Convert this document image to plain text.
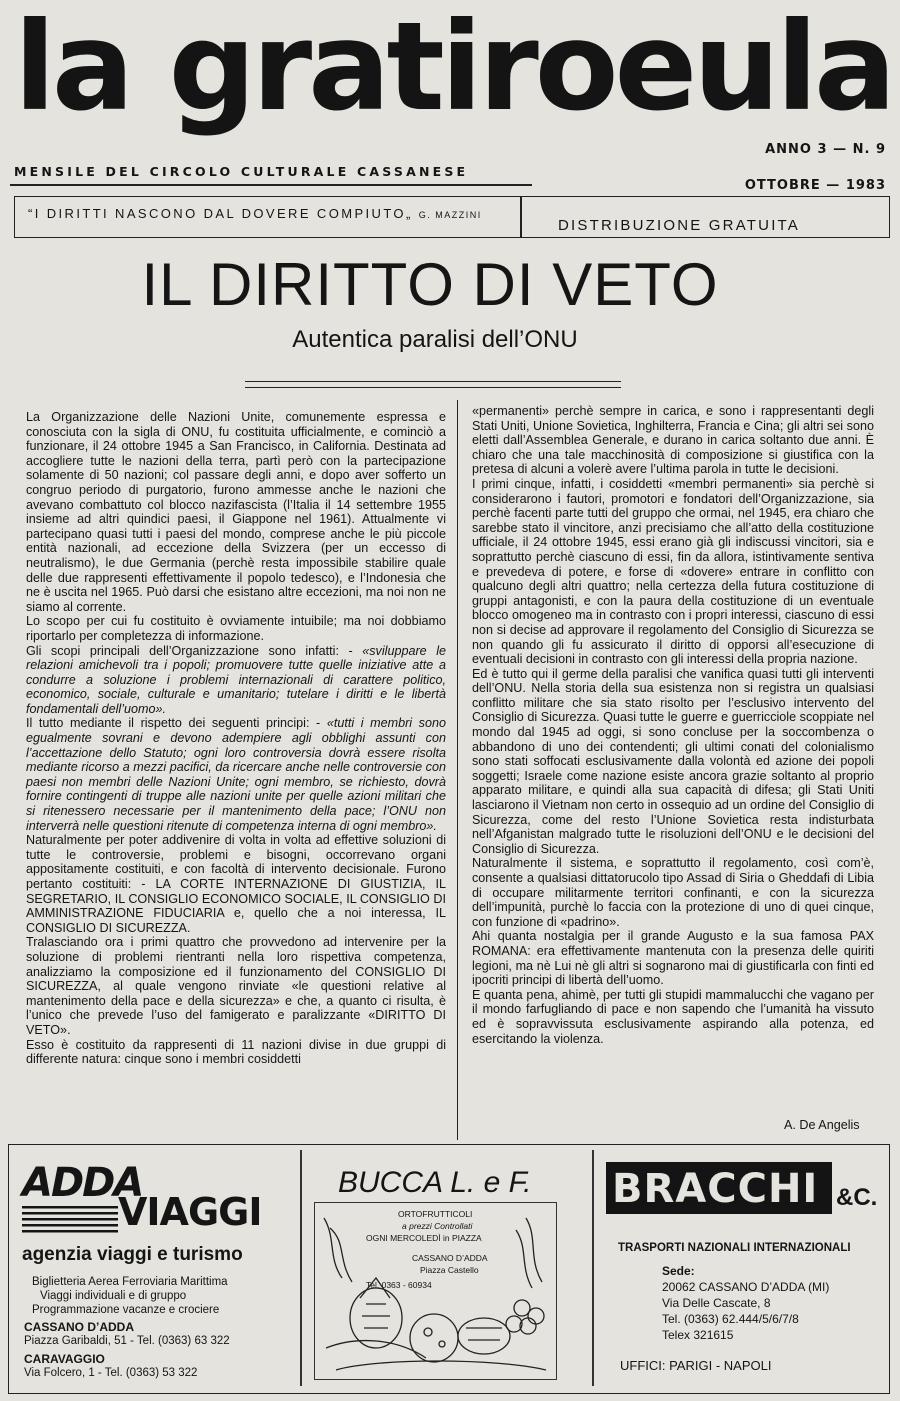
la gratiroeula
MENSILE DEL CIRCOLO CULTURALE CASSANESE
ANNO 3 — N. 9
OTTOBRE — 1983
“I DIRITTI NASCONO DAL DOVERE COMPIUTO„ G. MAZZINI
DISTRIBUZIONE GRATUITA
IL DIRITTO DI VETO
Autentica paralisi dell’ONU

La Organizzazione delle Nazioni Unite, comunemente espressa e conosciuta con la sigla di ONU, fu costituita ufficialmente, e cominciò a funzionare, il 24 ottobre 1945 a San Francisco, in California. Destinata ad accogliere tutte le nazioni della terra, partì però con la partecipazione solamente di 50 nazioni; col passare degli anni, e dopo aver sofferto un congruo periodo di purgatorio, furono ammesse anche le nazioni che avevano combattuto col blocco nazifascista (l’Italia il 14 settembre 1955 insieme ad altri quindici paesi, il Giappone nel 1961). Attualmente vi partecipano quasi tutti i paesi del mondo, comprese anche le più piccole entità nazionali, ad eccezione della Svizzera (per un eccesso di neutralismo), le due Germania (perchè resta impossibile stabilire quale delle due rappresenti effettivamente il popolo tedesco), e l’Indonesia che ne è uscita nel 1965. Può darsi che esistano altre eccezioni, ma noi non ne siamo al corrente.

Lo scopo per cui fu costituito è ovviamente intuibile; ma noi dobbiamo riportarlo per completezza di informazione.

Gli scopi principali dell’Organizzazione sono infatti: - «sviluppare le relazioni amichevoli tra i popoli; promuovere tutte quelle iniziative atte a condurre a soluzione i problemi internazionali di carattere politico, economico, sociale, culturale e umanitario; tutelare i diritti e le libertà fondamentali dell’uomo».

Il tutto mediante il rispetto dei seguenti principi: - «tutti i membri sono egualmente sovrani e devono adempiere agli obblighi assunti con l’accettazione dello Statuto; ogni loro controversia dovrà essere risolta mediante ricorso a mezzi pacifici, da ricercare anche nelle controversie con paesi non membri delle Nazioni Unite; ogni membro, se richiesto, dovrà fornire contingenti di truppe alle nazioni unite per quelle azioni militari che si ritenessero necessarie per il mantenimento della pace; l’ONU non interverrà nelle questioni ritenute di competenza interna di ogni membro».

Naturalmente per poter addivenire di volta in volta ad effettive soluzioni di tutte le controversie, problemi e bisogni, occorrevano organi appositamente costituiti, e con facoltà di intervento decisionale. Furono pertanto costituiti: - LA CORTE INTERNAZIONE DI GIUSTIZIA, IL SEGRETARIO, IL CONSIGLIO ECONOMICO SOCIALE, IL CONSIGLIO DI AMMINISTRAZIONE FIDUCIARIA e, quello che a noi interessa, IL CONSIGLIO DI SICUREZZA.

Tralasciando ora i primi quattro che provvedono ad intervenire per la soluzione di problemi rientranti nella loro rispettiva competenza, analizziamo la composizione ed il funzionamento del CONSIGLIO DI SICUREZZA, al quale vengono rinviate «le questioni relative al mantenimento della pace e della sicurezza» e che, a quanto ci risulta, è l’unico che prevede l’uso del famigerato e paralizzante «DIRITTO DI VETO».

Esso è costituito da rappresenti di 11 nazioni divise in due gruppi di differente natura: cinque sono i membri cosiddetti

«permanenti» perchè sempre in carica, e sono i rappresentanti degli Stati Uniti, Unione Sovietica, Inghilterra, Francia e Cina; gli altri sei sono eletti dall’Assemblea Generale, e durano in carica soltanto due anni. È chiaro che una tale macchinosità di composizione si giustifica con la pretesa di alcuni a volerè avere l’ultima parola in tutte le decisioni.

I primi cinque, infatti, i cosiddetti «membri permanenti» sia perchè si considerarono i fautori, promotori e fondatori dell’Organizzazione, sia perchè facenti parte tutti del gruppo che ormai, nel 1945, era chiaro che sarebbe stato il vincitore, anzi precisiamo che all’atto della costituzione ufficiale, il 24 ottobre 1945, essi erano già gli indiscussi vincitori, sia e soprattutto perchè ciascuno di essi, fin da allora, istintivamente sentiva e prevedeva di potere, e forse di «dovere» entrare in conflitto con qualcuno degli altri quattro; nella certezza della futura costituzione di gruppi antagonisti, e con la paura della costituzione di un eventuale blocco omogeneo ma in contrasto con i propri interessi, ciascuno di essi non si decise ad approvare il regolamento del Consiglio di Sicurezza se non quando gli fu assicurato il diritto di opporsi all’esecuzione di eventuali decisioni in contrasto con gli interessi della propria nazione.

Ed è tutto qui il germe della paralisi che vanifica quasi tutti gli interventi dell’ONU. Nella storia della sua esistenza non si registra un qualsiasi conflitto militare che sia stato risolto per l’esclusivo intervento del Consiglio di Sicurezza. Quasi tutte le guerre e guerricciole scoppiate nel mondo dal 1945 ad oggi, si sono concluse per la soccombenza o abbandono di uno dei contendenti; gli ultimi conati del colonialismo sono stati soffocati esclusivamente dalla volontà ed azione dei popoli soggetti; Israele come nazione esiste ancora grazie soltanto al proprio apparato militare, e quindi alla sua capacità di difesa; gli Stati Uniti lasciarono il Vietnam non certo in ossequio ad un ordine del Consiglio di Sicurezza, come del resto l’Unione Sovietica resta indisturbata nell’Afganistan malgrado tutte le risoluzioni dell’ONU e le decisioni del Consiglio di Sicurezza.

Naturalmente il sistema, e soprattutto il regolamento, così com’è, consente a qualsiasi dittatorucolo tipo Assad di Siria o Gheddafi di Libia di occupare militarmente territori confinanti, e con la sicurezza dell’impunità, purchè lo faccia con la protezione di uno di quei cinque, con funzione di «padrino».

Ahi quanta nostalgia per il grande Augusto e la sua famosa PAX ROMANA: era effettivamente mantenuta con la presenza delle quiriti legioni, ma nè Lui nè gli altri si sognarono mai di giustificarla con finti ed ipocriti principi di libertà dell’uomo.

E quanta pena, ahimè, per tutti gli stupidi mammalucchi che vagano per il mondo farfugliando di pace e non sapendo che l’umanità ha vissuto ed è sopravvissuta esclusivamente aspirando alla potenza, ed esercitando la violenza.

A. De Angelis
ADDA
VIAGGI
agenzia viaggi e turismo
Biglietteria Aerea Ferroviaria Marittima
Viaggi individuali e di gruppo
Programmazione vacanze e crociere
CASSANO D’ADDA
Piazza Garibaldi, 51 - Tel. (0363) 63 322
CARAVAGGIO
Via Folcero, 1 - Tel. (0363) 53 322
BUCCA L. e F.
ORTOFRUTTICOLI
a prezzi Controllati
OGNI MERCOLEDÌ in PIAZZA
CASSANO D’ADDA
Piazza Castello
Tel. 0363 - 60934
BRACCHI &C.
TRASPORTI NAZIONALI INTERNAZIONALI
Sede:
20062 CASSANO D’ADDA (MI)
Via Delle Cascate, 8
Tel. (0363) 62.444/5/6/7/8
Telex 321615
UFFICI: PARIGI - NAPOLI
